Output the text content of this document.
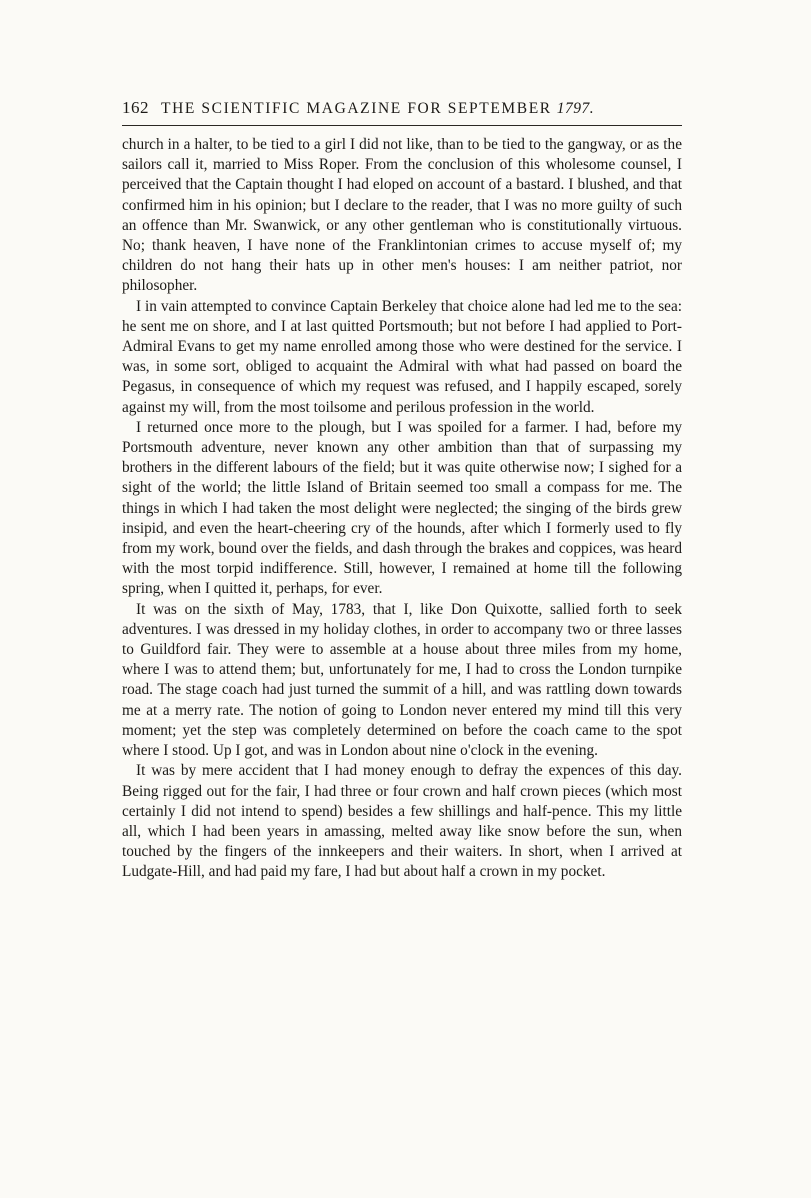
162 THE SCIENTIFIC MAGAZINE FOR SEPTEMBER 1797.

church in a halter, to be tied to a girl I did not like, than to be tied to the gangway, or as the sailors call it, married to Miss Roper. From the conclusion of this wholesome counsel, I perceived that the Captain thought I had eloped on account of a bastard. I blushed, and that confirmed him in his opinion; but I declare to the reader, that I was no more guilty of such an offence than Mr. Swanwick, or any other gentleman who is constitutionally virtuous. No; thank heaven, I have none of the Franklintonian crimes to accuse myself of; my children do not hang their hats up in other men's houses: I am neither patriot, nor philosopher.

I in vain attempted to convince Captain Berkeley that choice alone had led me to the sea: he sent me on shore, and I at last quitted Portsmouth; but not before I had applied to Port-Admiral Evans to get my name enrolled among those who were destined for the service. I was, in some sort, obliged to acquaint the Admiral with what had passed on board the Pegasus, in consequence of which my request was refused, and I happily escaped, sorely against my will, from the most toilsome and perilous profession in the world.

I returned once more to the plough, but I was spoiled for a farmer. I had, before my Portsmouth adventure, never known any other ambition than that of surpassing my brothers in the different labours of the field; but it was quite otherwise now; I sighed for a sight of the world; the little Island of Britain seemed too small a compass for me. The things in which I had taken the most delight were neglected; the singing of the birds grew insipid, and even the heart-cheering cry of the hounds, after which I formerly used to fly from my work, bound over the fields, and dash through the brakes and coppices, was heard with the most torpid indifference. Still, however, I remained at home till the following spring, when I quitted it, perhaps, for ever.

It was on the sixth of May, 1783, that I, like Don Quixotte, sallied forth to seek adventures. I was dressed in my holiday clothes, in order to accompany two or three lasses to Guildford fair. They were to assemble at a house about three miles from my home, where I was to attend them; but, unfortunately for me, I had to cross the London turnpike road. The stage coach had just turned the summit of a hill, and was rattling down towards me at a merry rate. The notion of going to London never entered my mind till this very moment; yet the step was completely determined on before the coach came to the spot where I stood. Up I got, and was in London about nine o'clock in the evening.

It was by mere accident that I had money enough to defray the expences of this day. Being rigged out for the fair, I had three or four crown and half crown pieces (which most certainly I did not intend to spend) besides a few shillings and half-pence. This my little all, which I had been years in amassing, melted away like snow before the sun, when touched by the fingers of the innkeepers and their waiters. In short, when I arrived at Ludgate-Hill, and had paid my fare, I had but about half a crown in my pocket.
